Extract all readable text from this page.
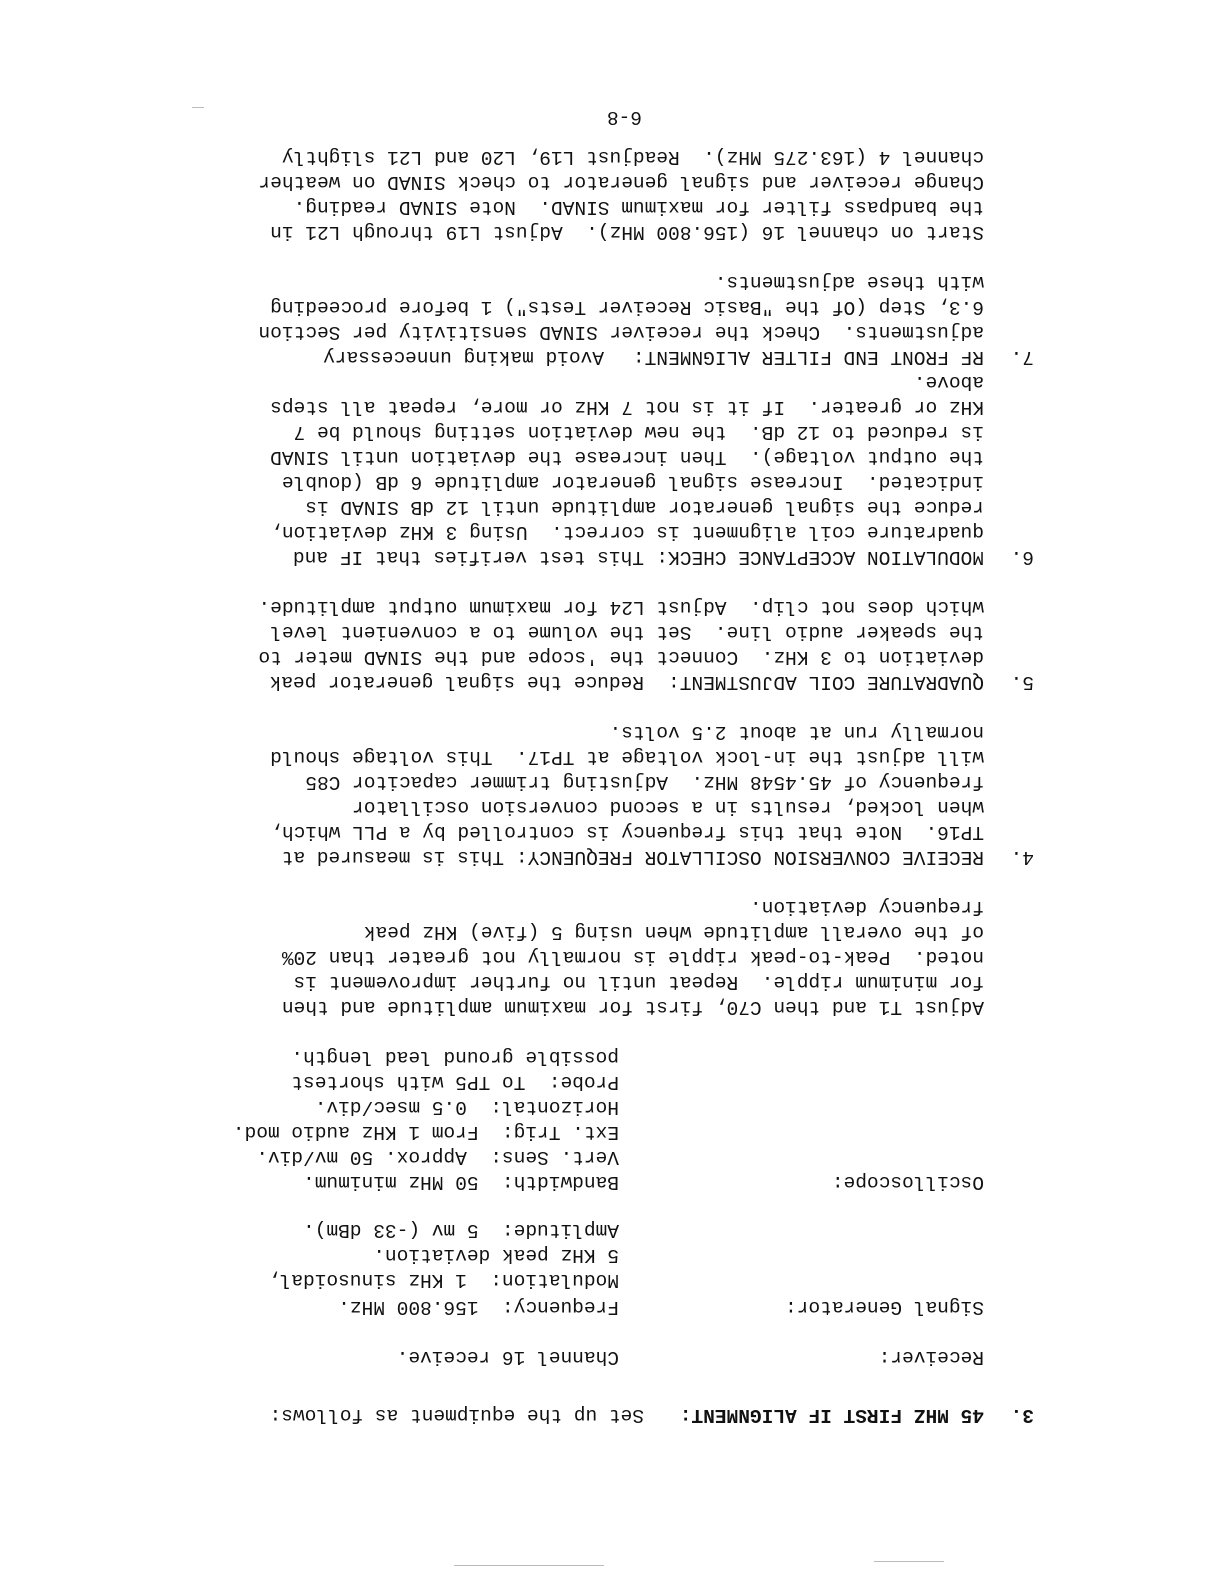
3.
45 MHZ FIRST IF ALIGNMENT:
Set up the equipment as follows:
Receiver:
Channel 16 receive.
Signal Generator:
Frequency:  156.800 MHz.
Modulation:  1 KHz sinusoidal,
5 KHz peak deviation.
Amplitude:  5 mv (-33 dBm).
Oscilloscope:
Bandwidth:  50 MHz minimum.
Vert. Sens:  Approx. 50 mv/div.
Ext. Trig:  From 1 KHz audio mod.
Horizontal:  0.5 msec/div.
Probe:  To TP5 with shortest
possible ground lead length.
Adjust T1 and then C70, first for maximum amplitude and then
for minimum ripple.  Repeat until no further improvement is
noted.  Peak-to-peak ripple is normally not greater than 20%
of the overall amplitude when using 5 (five) KHz peak
frequency deviation.
4.
RECEIVE CONVERSION OSCILLATOR FREQUENCY:
This is measured at
TP16.  Note that this frequency is controlled by a PLL which,
when locked, results in a second conversion oscillator
frequency of 45.4548 MHz.  Adjusting trimmer capacitor C85
will adjust the in-lock voltage at TP17.  This voltage should
normally run at about 2.5 volts.
5.
QUADRATURE COIL ADJUSTMENT:
Reduce the signal generator peak
deviation to 3 KHz.  Connect the 'scope and the SINAD meter to
the speaker audio line.  Set the volume to a convenient level
which does not clip.  Adjust L24 for maximum output amplitude.
6.
MODULATION ACCEPTANCE CHECK:
This test verifies that IF and
quadrature coil alignment is correct.  Using 3 KHz deviation,
reduce the signal generator amplitude until 12 dB SINAD is
indicated.  Increase signal generator amplitude 6 dB (double
the output voltage).  Then increase the deviation until SINAD
is reduced to 12 dB.  the new deviation setting should be 7
KHz or greater.  If it is not 7 KHz or more, repeat all steps
above.
7.
RF FRONT END FILTER ALIGNMENT:
Avoid making unnecessary
adjustments.  Check the receiver SINAD sensitivity per Section
6.3, Step (Of the "Basic Receiver Tests") 1 before proceeding
with these adjustments.
Start on channel 16 (156.800 MHz).  Adjust L19 through L21 in
the bandpass filter for maximum SINAD.  Note SINAD reading.
Change receiver and signal generator to check SINAD on weather
channel 4 (163.275 MHz).  Readjust L19, L20 and L21 slightly
6-8
